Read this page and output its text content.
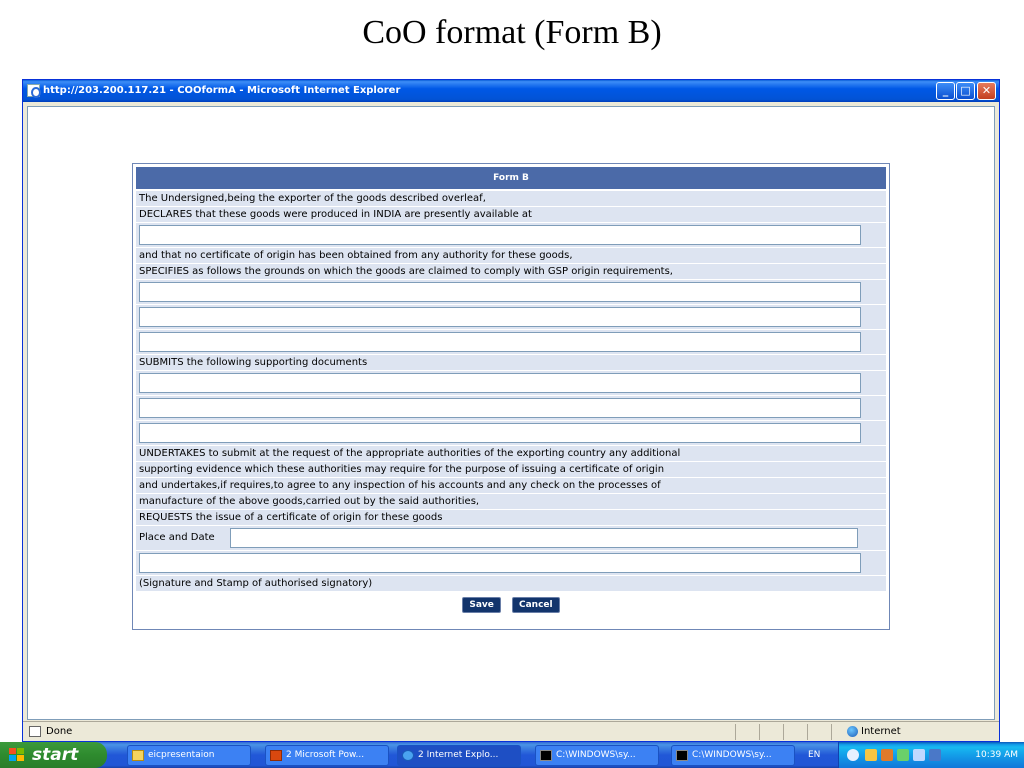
CoO format (Form B)
http://203.200.117.21 - COOformA - Microsoft Internet Explorer	_	□	✕
Form B
The Undersigned,being the exporter of the goods described overleaf,
DECLARES that these goods were produced in INDIA are presently available at
and that no certificate of origin has been obtained from any authority for these goods,
SPECIFIES as follows the grounds on which the goods are claimed to comply with GSP origin requirements,
SUBMITS the following supporting documents
UNDERTAKES to submit at the request of the appropriate authorities of the exporting country any additional
supporting evidence which these authorities may require for the purpose of issuing a certificate of origin
and undertakes,if requires,to agree to any inspection of his accounts and any check on the processes of
manufacture of the above goods,carried out by the said authorities,
REQUESTS the issue of a certificate of origin for these goods
Place and Date
(Signature and Stamp of authorised signatory)
Save	Cancel
Done	Internet
start	eicpresentaion	2 Microsoft Pow...	2 Internet Explo...	C:\WINDOWS\sy...	C:\WINDOWS\sy...	EN	10:39 AM
